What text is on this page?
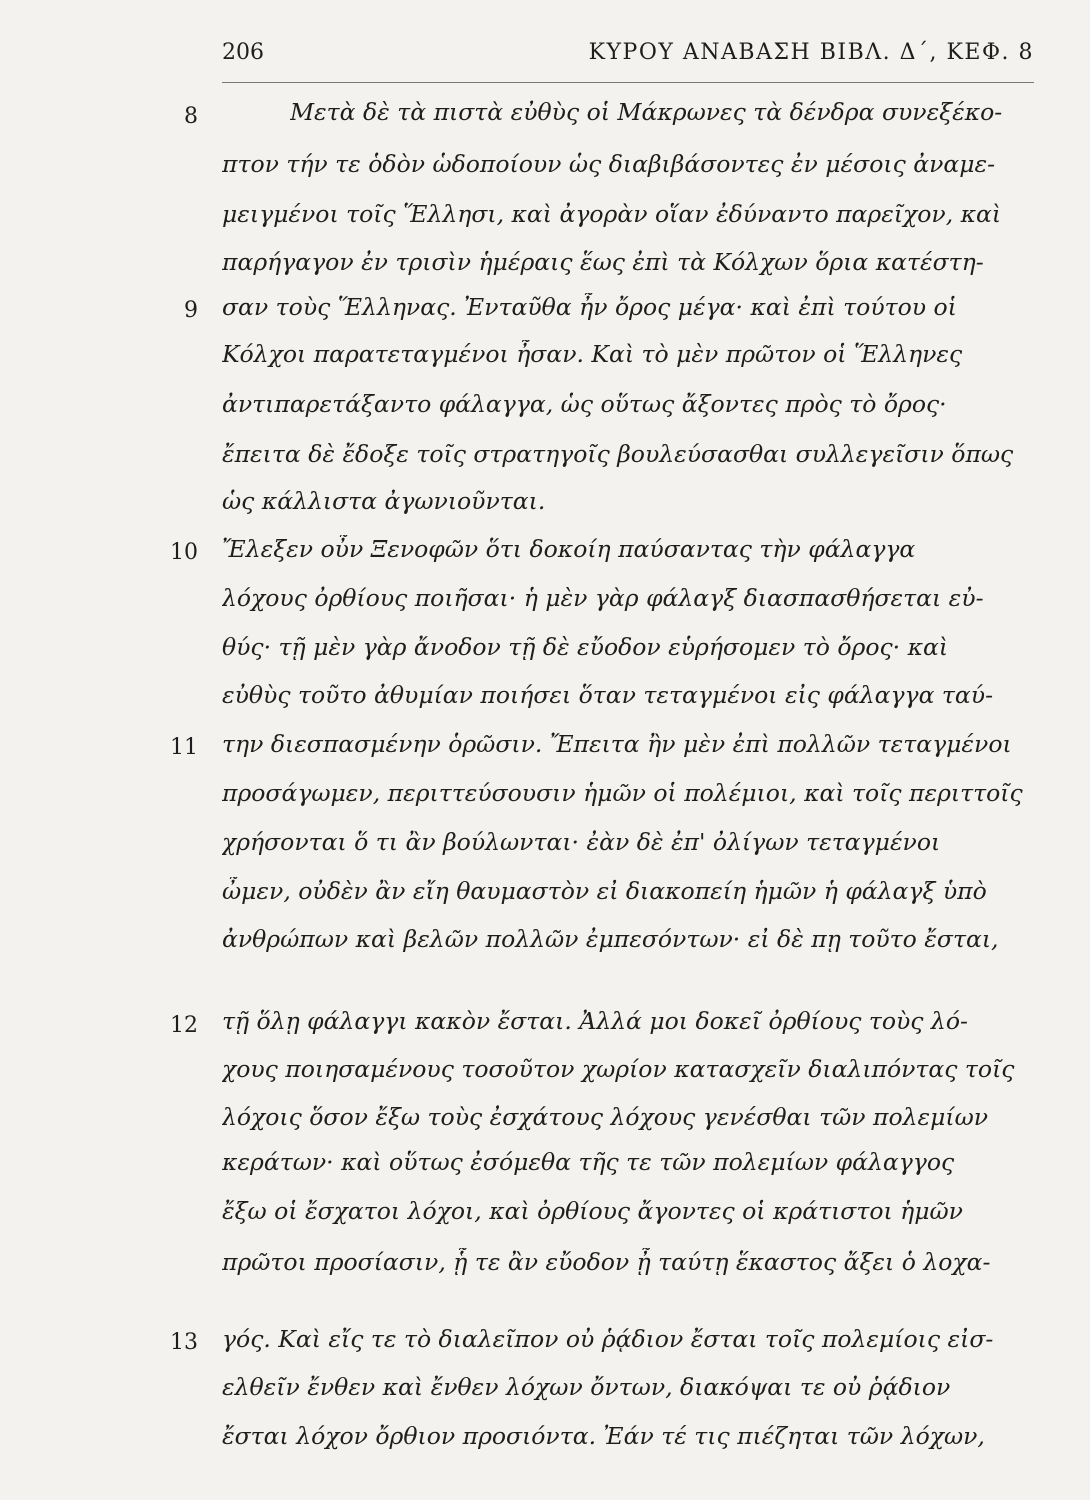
206	ΚΥΡΟΥ ΑΝΑΒΑΣΗ ΒΙΒΛ. Δ΄, ΚΕΦ. 8
8
9
10
11
12
13
Μετὰ δὲ τὰ πιστὰ εὐθὺς οἱ Μάκρωνες τὰ δένδρα συνεξέκο-
πτον τήν τε ὁδὸν ὡδοποίουν ὡς διαβιβάσοντες ἐν μέσοις ἀναμε-
μειγμένοι τοῖς Ἕλλησι, καὶ ἀγορὰν οἵαν ἐδύναντο παρεῖχον, καὶ
παρήγαγον ἐν τρισὶν ἡμέραις ἕως ἐπὶ τὰ Κόλχων ὅρια κατέστη-
σαν τοὺς Ἕλληνας. Ἐνταῦθα ἦν ὄρος μέγα· καὶ ἐπὶ τούτου οἱ
Κόλχοι παρατεταγμένοι ἦσαν. Καὶ τὸ μὲν πρῶτον οἱ Ἕλληνες
ἀντιπαρετάξαντο φάλαγγα, ὡς οὕτως ἄξοντες πρὸς τὸ ὄρος·
ἔπειτα δὲ ἔδοξε τοῖς στρατηγοῖς βουλεύσασθαι συλλεγεῖσιν ὅπως
ὡς κάλλιστα ἀγωνιοῦνται.
Ἔλεξεν οὖν Ξενοφῶν ὅτι δοκοίη παύσαντας τὴν φάλαγγα
λόχους ὀρθίους ποιῆσαι· ἡ μὲν γὰρ φάλαγξ διασπασθήσεται εὐ-
θύς· τῇ μὲν γὰρ ἄνοδον τῇ δὲ εὔοδον εὑρήσομεν τὸ ὄρος· καὶ
εὐθὺς τοῦτο ἀθυμίαν ποιήσει ὅταν τεταγμένοι εἰς φάλαγγα ταύ-
την διεσπασμένην ὁρῶσιν. Ἔπειτα ἢν μὲν ἐπὶ πολλῶν τεταγμένοι
προσάγωμεν, περιττεύσουσιν ἡμῶν οἱ πολέμιοι, καὶ τοῖς περιττοῖς
χρήσονται ὅ τι ἂν βούλωνται· ἐὰν δὲ ἐπ' ὀλίγων τεταγμένοι
ὦμεν, οὐδὲν ἂν εἴη θαυμαστὸν εἰ διακοπείη ἡμῶν ἡ φάλαγξ ὑπὸ
ἀνθρώπων καὶ βελῶν πολλῶν ἐμπεσόντων· εἰ δὲ πῃ τοῦτο ἔσται,
τῇ ὅλῃ φάλαγγι κακὸν ἔσται. Ἀλλά μοι δοκεῖ ὀρθίους τοὺς λό-
χους ποιησαμένους τοσοῦτον χωρίον κατασχεῖν διαλιπόντας τοῖς
λόχοις ὅσον ἔξω τοὺς ἐσχάτους λόχους γενέσθαι τῶν πολεμίων
κεράτων· καὶ οὕτως ἐσόμεθα τῆς τε τῶν πολεμίων φάλαγγος
ἔξω οἱ ἔσχατοι λόχοι, καὶ ὀρθίους ἄγοντες οἱ κράτιστοι ἡμῶν
πρῶτοι προσίασιν, ᾗ τε ἂν εὔοδον ᾖ ταύτῃ ἕκαστος ἄξει ὁ λοχα-
γός. Καὶ εἴς τε τὸ διαλεῖπον οὐ ῥᾴδιον ἔσται τοῖς πολεμίοις εἰσ-
ελθεῖν ἔνθεν καὶ ἔνθεν λόχων ὄντων, διακόψαι τε οὐ ῥᾴδιον
ἔσται λόχον ὄρθιον προσιόντα. Ἐάν τέ τις πιέζηται τῶν λόχων,
